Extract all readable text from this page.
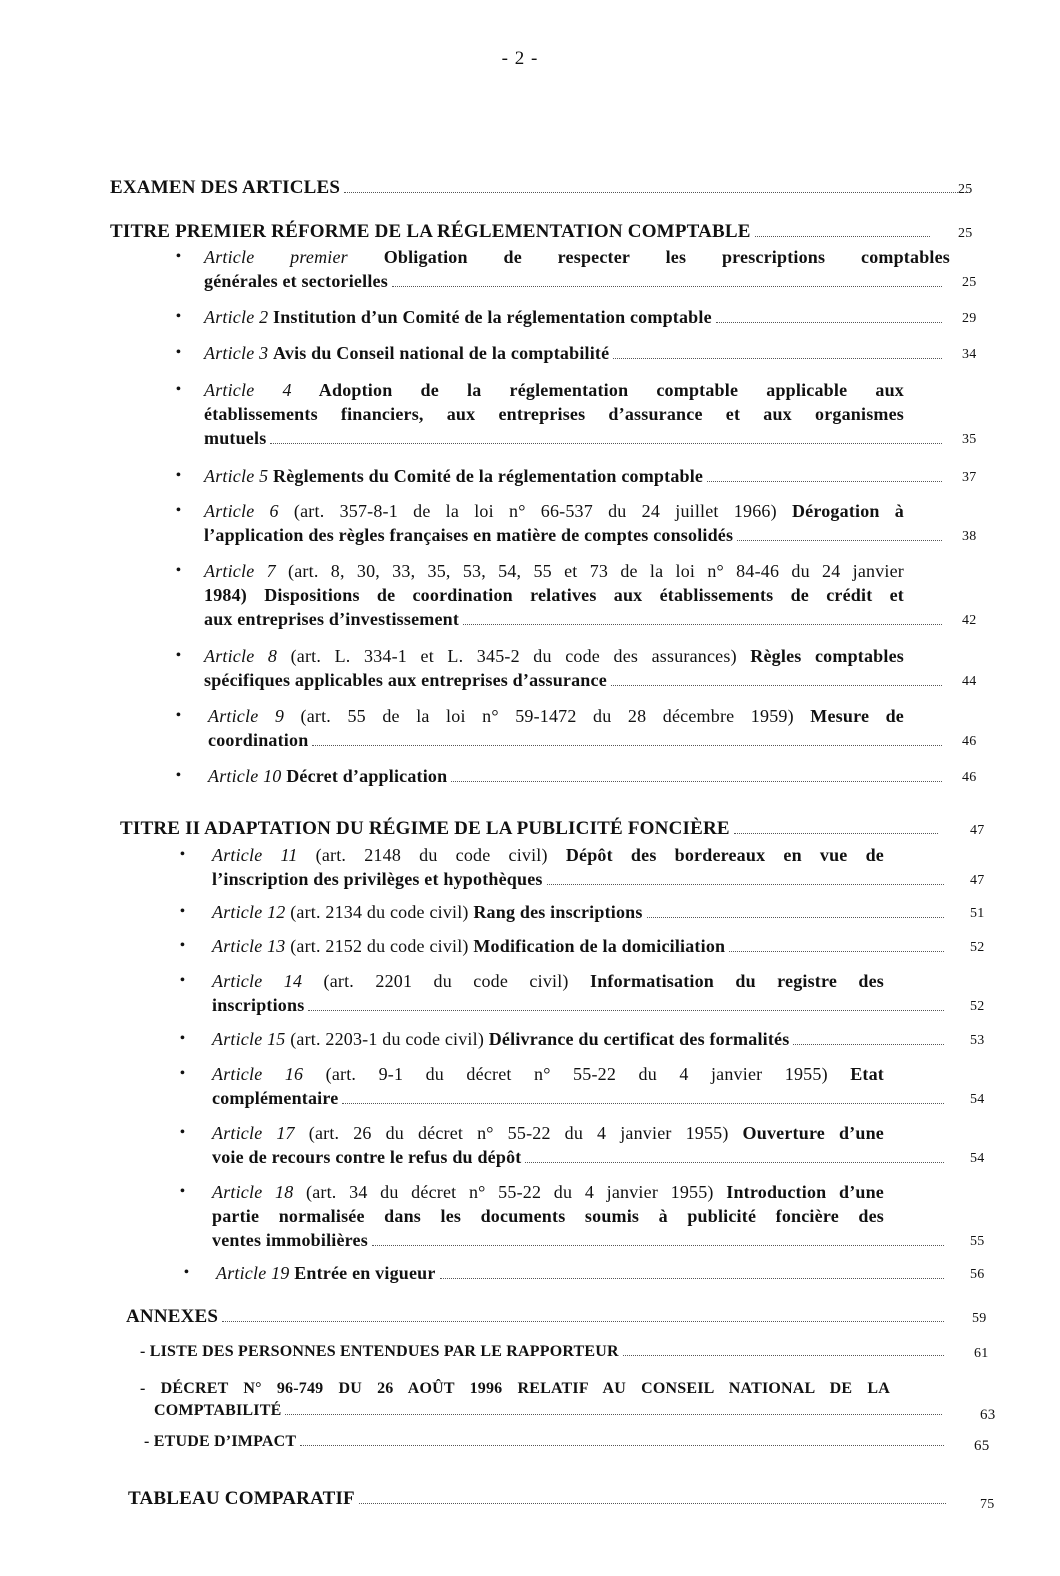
- 2 -
EXAMEN DES ARTICLES	25
TITRE PREMIER RÉFORME DE LA RÉGLEMENTATION COMPTABLE	25
• Article premier Obligation de respecter les prescriptions comptables
générales et sectorielles	25
• Article 2
Institution d’un Comité de la réglementation comptable	29
• Article 3
Avis du Conseil national de la comptabilité	34
• Article 4 Adoption de la réglementation comptable applicable aux
établissements financiers, aux entreprises d’assurance et aux organismes
mutuels	35
• Article 5
Règlements du Comité de la réglementation comptable	37
• Article 6 (art. 357-8-1 de la loi n° 66-537 du 24 juillet 1966) Dérogation à
l’application des règles françaises en matière de comptes consolidés	38
• Article 7 (art. 8, 30, 33, 35, 53, 54, 55 et 73 de la loi n° 84-46 du 24 janvier
1984) Dispositions de coordination relatives aux établissements de crédit et
aux entreprises d’investissement	42
• Article 8 (art. L. 334-1 et L. 345-2 du code des assurances) Règles comptables
spécifiques applicables aux entreprises d’assurance	44
• Article 9 (art. 55 de la loi n° 59-1472 du 28 décembre 1959) Mesure de
coordination	46
• Article 10
Décret d’application	46
TITRE II ADAPTATION DU RÉGIME DE LA PUBLICITÉ FONCIÈRE	47
• Article 11 (art. 2148 du code civil) Dépôt des bordereaux en vue de
l’inscription des privilèges et hypothèques	47
• Article 12
(art. 2134 du code civil)
Rang des inscriptions	51
• Article 13
(art. 2152 du code civil)
Modification de la domiciliation	52
• Article 14 (art. 2201 du code civil) Informatisation du registre des
inscriptions	52
• Article 15
(art. 2203-1 du code civil)
Délivrance du certificat des formalités	53
• Article 16 (art. 9-1 du décret n° 55-22 du 4 janvier 1955) Etat
complémentaire	54
• Article 17 (art. 26 du décret n° 55-22 du 4 janvier 1955) Ouverture d’une
voie de recours contre le refus du dépôt	54
• Article 18 (art. 34 du décret n° 55-22 du 4 janvier 1955) Introduction d’une
partie normalisée dans les documents soumis à publicité foncière des
ventes immobilières	55
• Article 19
Entrée en vigueur	56
ANNEXES	59
- LISTE DES PERSONNES ENTENDUES PAR LE RAPPORTEUR	61
- DÉCRET N° 96-749 DU 26 AOÛT 1996 RELATIF AU CONSEIL NATIONAL DE LA
COMPTABILITÉ	63
- ETUDE D’IMPACT	65
TABLEAU COMPARATIF	75
